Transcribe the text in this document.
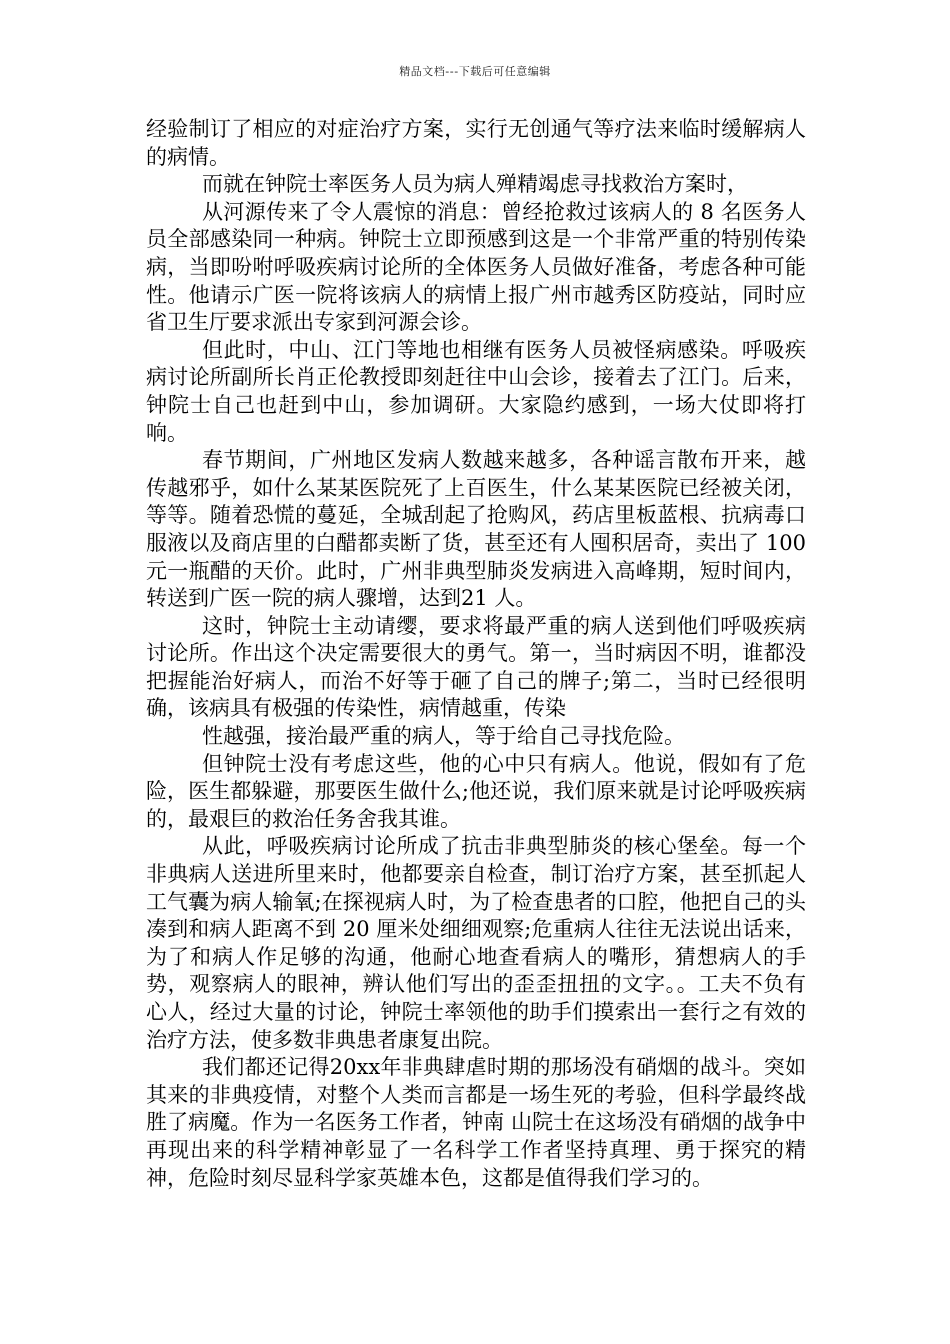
精品文档---下载后可任意编辑

经验制订了相应的对症治疗方案，实行无创通气等疗法来临时缓解病人的病情。

而就在钟院士率医务人员为病人殚精竭虑寻找救治方案时，

从河源传来了令人震惊的消息：曾经抢救过该病人的 8 名医务人员全部感染同一种病。钟院士立即预感到这是一个非常严重的特别传染病，当即吩咐呼吸疾病讨论所的全体医务人员做好准备，考虑各种可能性。他请示广医一院将该病人的病情上报广州市越秀区防疫站，同时应省卫生厅要求派出专家到河源会诊。

但此时，中山、江门等地也相继有医务人员被怪病感染。呼吸疾病讨论所副所长肖正伦教授即刻赶往中山会诊，接着去了江门。后来，钟院士自己也赶到中山，参加调研。大家隐约感到，一场大仗即将打响。

春节期间，广州地区发病人数越来越多，各种谣言散布开来，越传越邪乎，如什么某某医院死了上百医生，什么某某医院已经被关闭，等等。随着恐慌的蔓延，全城刮起了抢购风，药店里板蓝根、抗病毒口服液以及商店里的白醋都卖断了货，甚至还有人囤积居奇，卖出了 100 元一瓶醋的天价。此时，广州非典型肺炎发病进入高峰期，短时间内，转送到广医一院的病人骤增，达到21 人。

这时，钟院士主动请缨，要求将最严重的病人送到他们呼吸疾病讨论所。作出这个决定需要很大的勇气。第一，当时病因不明，谁都没把握能治好病人，而治不好等于砸了自己的牌子;第二，当时已经很明确，该病具有极强的传染性，病情越重，传染

性越强，接治最严重的病人，等于给自己寻找危险。

但钟院士没有考虑这些，他的心中只有病人。他说，假如有了危险，医生都躲避，那要医生做什么;他还说，我们原来就是讨论呼吸疾病的，最艰巨的救治任务舍我其谁。

从此，呼吸疾病讨论所成了抗击非典型肺炎的核心堡垒。每一个非典病人送进所里来时，他都要亲自检查，制订治疗方案，甚至抓起人工气囊为病人输氧;在探视病人时，为了检查患者的口腔，他把自己的头凑到和病人距离不到 20 厘米处细细观察;危重病人往往无法说出话来，为了和病人作足够的沟通，他耐心地查看病人的嘴形，猜想病人的手势，观察病人的眼神，辨认他们写出的歪歪扭扭的文字。。工夫不负有心人，经过大量的讨论，钟院士率领他的助手们摸索出一套行之有效的治疗方法，使多数非典患者康复出院。

我们都还记得20xx年非典肆虐时期的那场没有硝烟的战斗。突如其来的非典疫情，对整个人类而言都是一场生死的考验，但科学最终战胜了病魔。作为一名医务工作者，钟南 山院士在这场没有硝烟的战争中再现出来的科学精神彰显了一名科学工作者坚持真理、勇于探究的精神，危险时刻尽显科学家英雄本色，这都是值得我们学习的。
